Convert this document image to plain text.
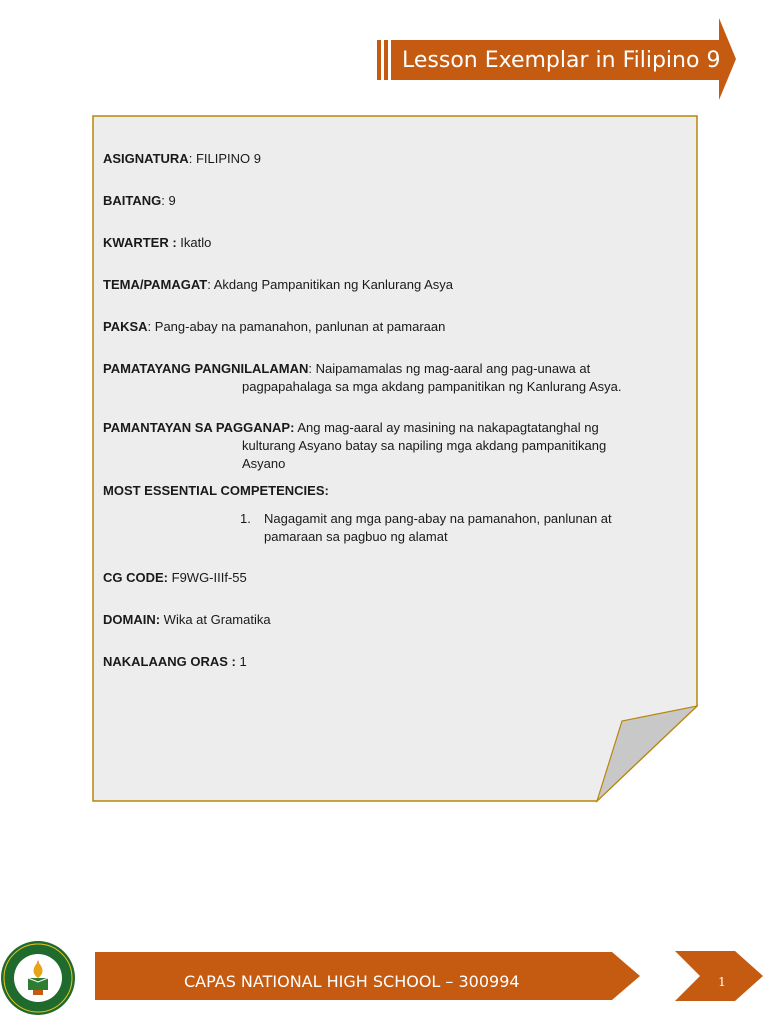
Lesson Exemplar in Filipino 9
ASIGNATURA: FILIPINO 9
BAITANG: 9
KWARTER : Ikatlo
TEMA/PAMAGAT: Akdang Pampanitikan ng Kanlurang Asya
PAKSA: Pang-abay na pamanahon, panlunan at pamaraan
PAMATAYANG PANGNILALAMAN: Naipamamalas ng mag-aaral ang pag-unawa at
pagpapahalaga sa mga akdang pampanitikan ng Kanlurang Asya.
PAMANTAYAN SA PAGGANAP: Ang mag-aaral ay masining na nakapagtatanghal ng
kulturang Asyano batay sa napiling mga akdang pampanitikang
Asyano
MOST ESSENTIAL COMPETENCIES:
1. Nagagamit ang mga pang-abay na pamanahon, panlunan at
pamaraan sa pagbuo ng alamat
CG CODE: F9WG-IIIf-55
DOMAIN: Wika at Gramatika
NAKALAANG ORAS : 1
CAPAS NATIONAL HIGH SCHOOL – 300994	1
